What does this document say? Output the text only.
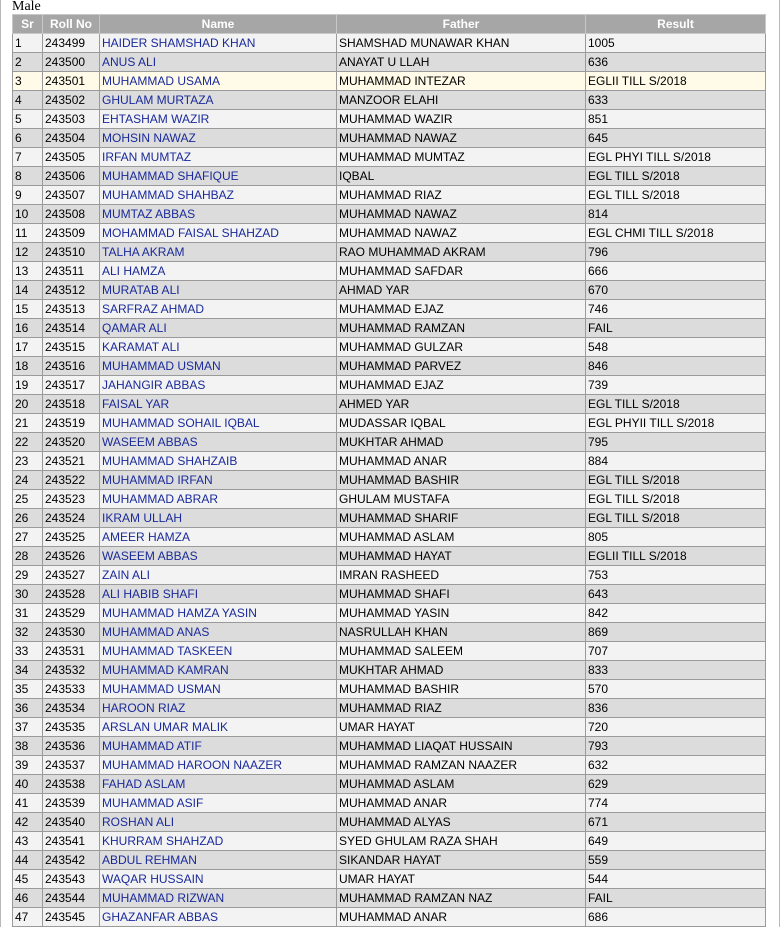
Male
Sr	Roll No	Name	Father	Result
1	243499	HAIDER SHAMSHAD KHAN	SHAMSHAD MUNAWAR KHAN	1005
2	243500	ANUS ALI	ANAYAT U LLAH	636
3	243501	MUHAMMAD USAMA	MUHAMMAD INTEZAR	EGLII TILL S/2018
4	243502	GHULAM MURTAZA	MANZOOR ELAHI	633
5	243503	EHTASHAM WAZIR	MUHAMMAD WAZIR	851
6	243504	MOHSIN NAWAZ	MUHAMMAD NAWAZ	645
7	243505	IRFAN MUMTAZ	MUHAMMAD MUMTAZ	EGL PHYI TILL S/2018
8	243506	MUHAMMAD SHAFIQUE	IQBAL	EGL TILL S/2018
9	243507	MUHAMMAD SHAHBAZ	MUHAMMAD RIAZ	EGL TILL S/2018
10	243508	MUMTAZ ABBAS	MUHAMMAD NAWAZ	814
11	243509	MOHAMMAD FAISAL SHAHZAD	MUHAMMAD NAWAZ	EGL CHMI TILL S/2018
12	243510	TALHA AKRAM	RAO MUHAMMAD AKRAM	796
13	243511	ALI HAMZA	MUHAMMAD SAFDAR	666
14	243512	MURATAB ALI	AHMAD YAR	670
15	243513	SARFRAZ AHMAD	MUHAMMAD EJAZ	746
16	243514	QAMAR ALI	MUHAMMAD RAMZAN	FAIL
17	243515	KARAMAT ALI	MUHAMMAD GULZAR	548
18	243516	MUHAMMAD USMAN	MUHAMMAD PARVEZ	846
19	243517	JAHANGIR ABBAS	MUHAMMAD EJAZ	739
20	243518	FAISAL YAR	AHMED YAR	EGL TILL S/2018
21	243519	MUHAMMAD SOHAIL IQBAL	MUDASSAR IQBAL	EGL PHYII TILL S/2018
22	243520	WASEEM ABBAS	MUKHTAR AHMAD	795
23	243521	MUHAMMAD SHAHZAIB	MUHAMMAD ANAR	884
24	243522	MUHAMMAD IRFAN	MUHAMMAD BASHIR	EGL TILL S/2018
25	243523	MUHAMMAD ABRAR	GHULAM MUSTAFA	EGL TILL S/2018
26	243524	IKRAM ULLAH	MUHAMMAD SHARIF	EGL TILL S/2018
27	243525	AMEER HAMZA	MUHAMMAD ASLAM	805
28	243526	WASEEM ABBAS	MUHAMMAD HAYAT	EGLII TILL S/2018
29	243527	ZAIN ALI	IMRAN RASHEED	753
30	243528	ALI HABIB SHAFI	MUHAMMAD SHAFI	643
31	243529	MUHAMMAD HAMZA YASIN	MUHAMMAD YASIN	842
32	243530	MUHAMMAD ANAS	NASRULLAH KHAN	869
33	243531	MUHAMMAD TASKEEN	MUHAMMAD SALEEM	707
34	243532	MUHAMMAD KAMRAN	MUKHTAR AHMAD	833
35	243533	MUHAMMAD USMAN	MUHAMMAD BASHIR	570
36	243534	HAROON RIAZ	MUHAMMAD RIAZ	836
37	243535	ARSLAN UMAR MALIK	UMAR HAYAT	720
38	243536	MUHAMMAD ATIF	MUHAMMAD LIAQAT HUSSAIN	793
39	243537	MUHAMMAD HAROON NAAZER	MUHAMMAD RAMZAN NAAZER	632
40	243538	FAHAD ASLAM	MUHAMMAD ASLAM	629
41	243539	MUHAMMAD ASIF	MUHAMMAD ANAR	774
42	243540	ROSHAN ALI	MUHAMMAD ALYAS	671
43	243541	KHURRAM SHAHZAD	SYED GHULAM RAZA SHAH	649
44	243542	ABDUL REHMAN	SIKANDAR HAYAT	559
45	243543	WAQAR HUSSAIN	UMAR HAYAT	544
46	243544	MUHAMMAD RIZWAN	MUHAMMAD RAMZAN NAZ	FAIL
47	243545	GHAZANFAR ABBAS	MUHAMMAD ANAR	686
